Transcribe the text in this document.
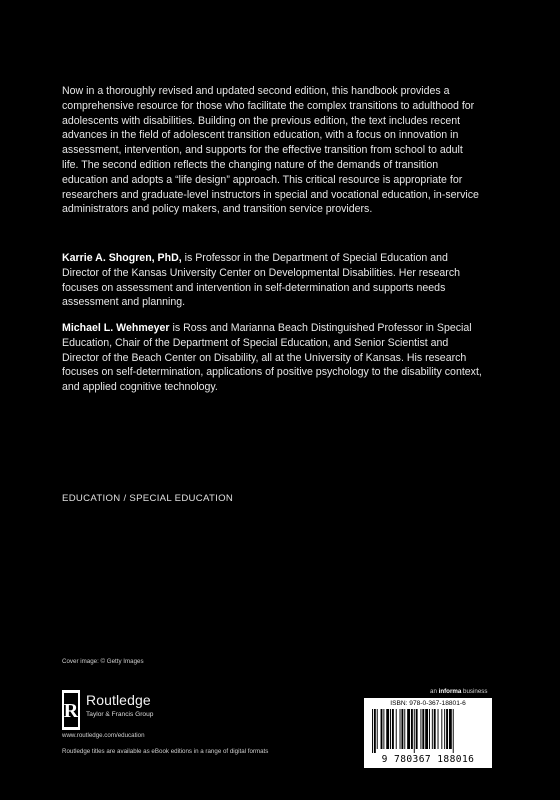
Now in a thoroughly revised and updated second edition, this handbook provides a comprehensive resource for those who facilitate the complex transitions to adulthood for adolescents with disabilities. Building on the previous edition, the text includes recent advances in the field of adolescent transition education, with a focus on innovation in assessment, intervention, and supports for the effective transition from school to adult life. The second edition reflects the changing nature of the demands of transition education and adopts a “life design” approach. This critical resource is appropriate for researchers and graduate-level instructors in special and vocational education, in-service administrators and policy makers, and transition service providers.

Karrie A. Shogren, PhD, is Professor in the Department of Special Education and Director of the Kansas University Center on Developmental Disabilities. Her research focuses on assessment and intervention in self-determination and supports needs assessment and planning.

Michael L. Wehmeyer is Ross and Marianna Beach Distinguished Professor in Special Education, Chair of the Department of Special Education, and Senior Scientist and Director of the Beach Center on Disability, all at the University of Kansas. His research focuses on self-determination, applications of positive psychology to the disability context, and applied cognitive technology.

EDUCATION / SPECIAL EDUCATION
Cover image: © Getty Images
R Routledge
Taylor & Francis Group
www.routledge.com/education
Routledge titles are available as eBook editions in a range of digital formats
an informa business
ISBN: 978-0-367-18801-6
9 780367 188016
